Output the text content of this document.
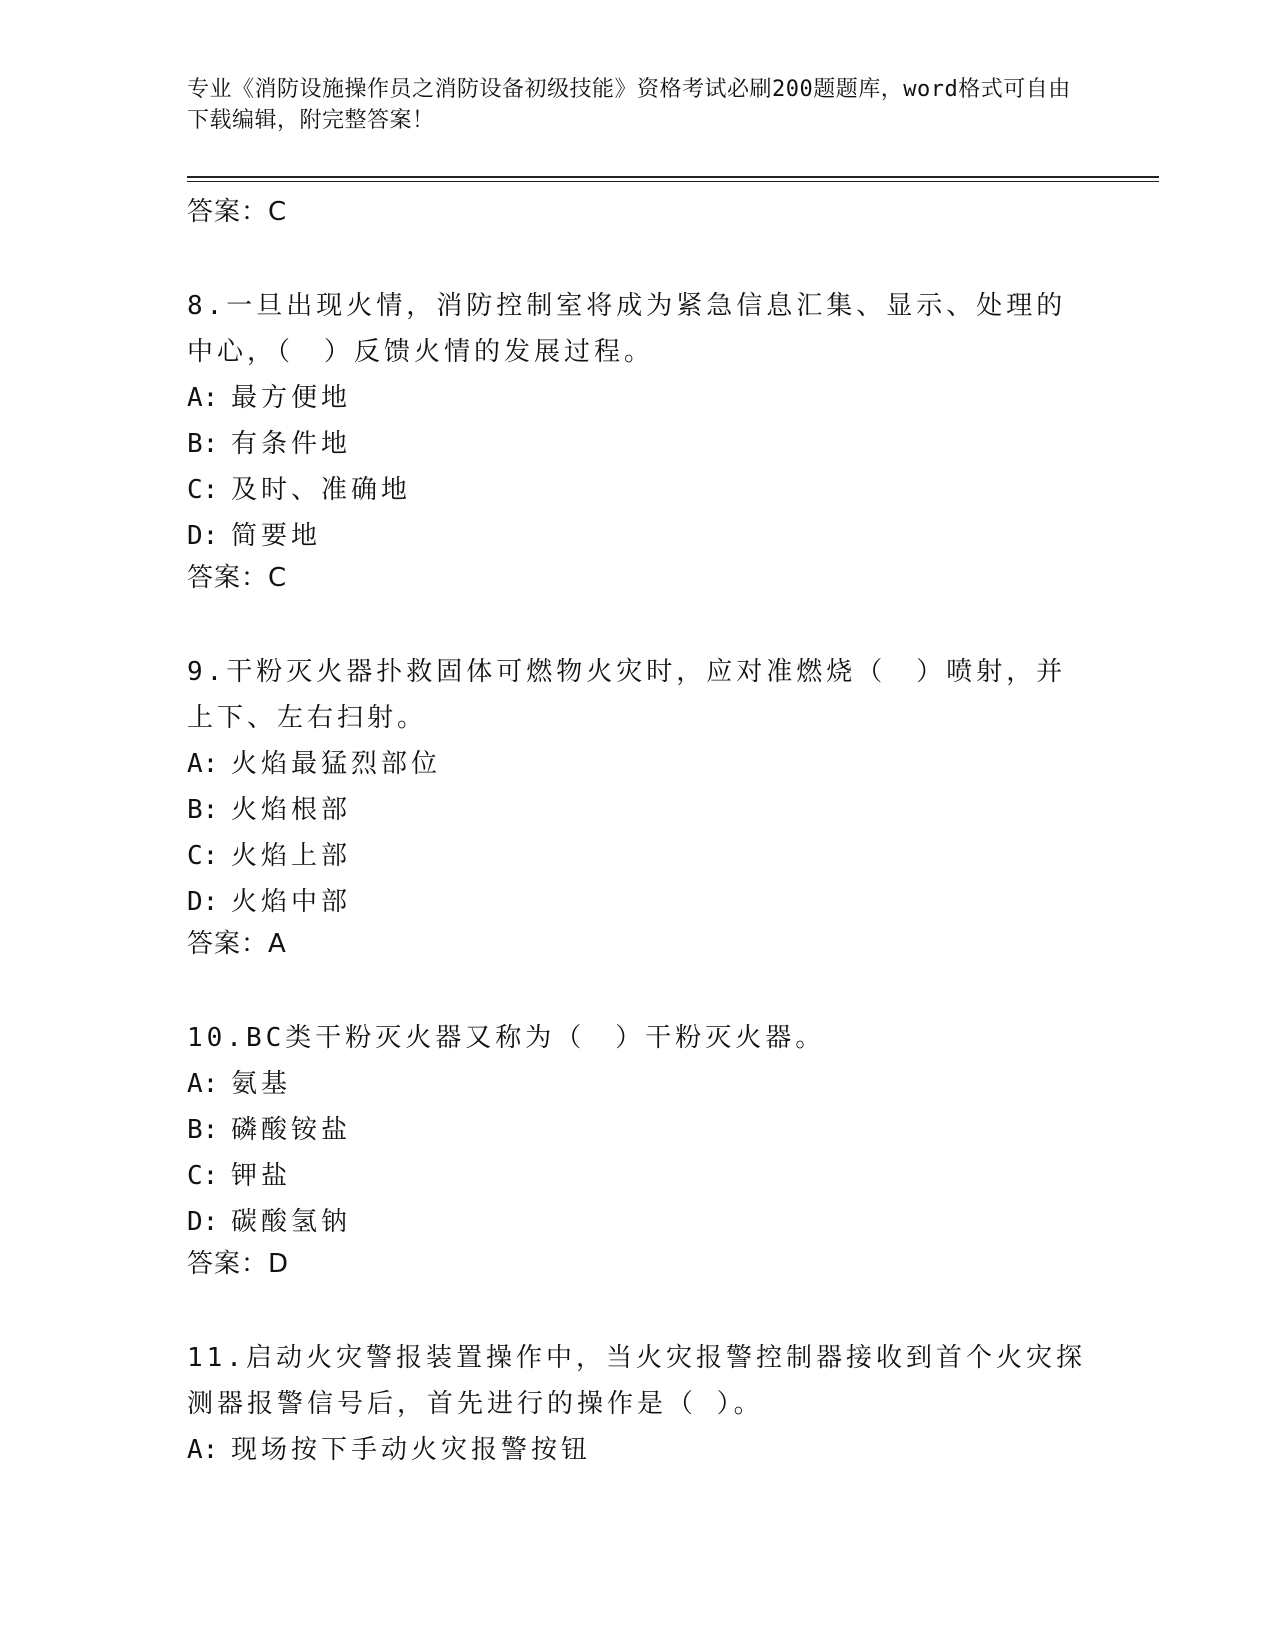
专业《消防设施操作员之消防设备初级技能》资格考试必刷200题题库，word格式可自由下载编辑，附完整答案！
答案：C
8.一旦出现火情，消防控制室将成为紧急信息汇集、显示、处理的中心，（　）反馈火情的发展过程。
A: 最方便地
B: 有条件地
C: 及时、准确地
D: 简要地
答案：C
9.干粉灭火器扑救固体可燃物火灾时，应对准燃烧（　）喷射，并上下、左右扫射。
A: 火焰最猛烈部位
B: 火焰根部
C: 火焰上部
D: 火焰中部
答案：A
10.BC类干粉灭火器又称为（　）干粉灭火器。
A: 氨基
B: 磷酸铵盐
C: 钾盐
D: 碳酸氢钠
答案：D
11.启动火灾警报装置操作中，当火灾报警控制器接收到首个火灾探测器报警信号后，首先进行的操作是（ ）。
A: 现场按下手动火灾报警按钮
